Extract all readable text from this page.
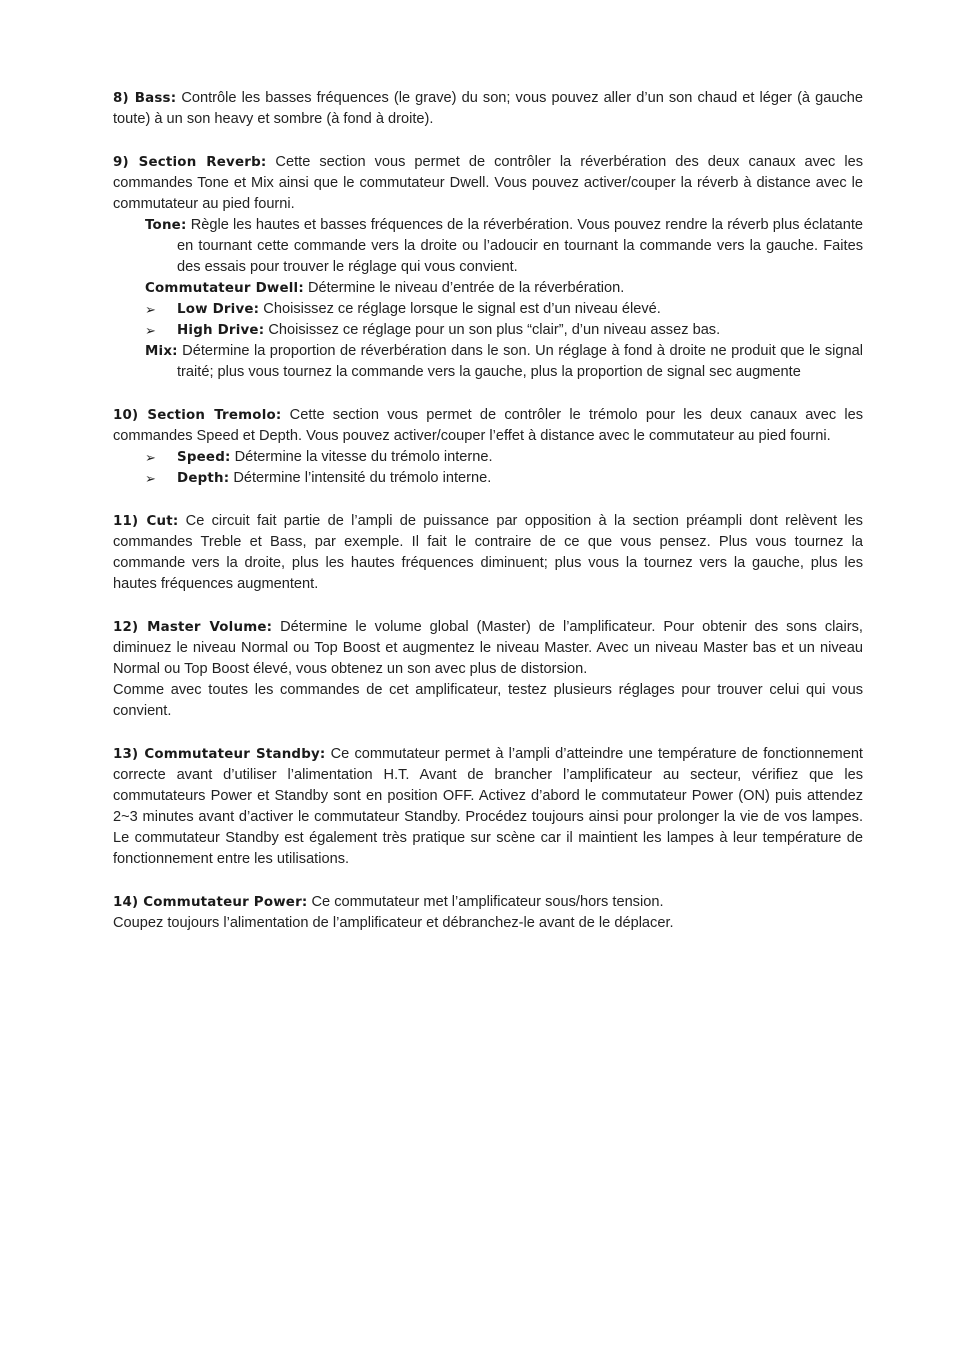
8) Bass: Contrôle les basses fréquences (le grave) du son; vous pouvez aller d’un son chaud et léger (à gauche toute) à un son heavy et sombre (à fond à droite).

9) Section Reverb: Cette section vous permet de contrôler la réverbération des deux canaux avec les commandes Tone et Mix ainsi que le commutateur Dwell. Vous pouvez activer/couper la réverb à distance avec le commutateur au pied fourni.

Tone: Règle les hautes et basses fréquences de la réverbération. Vous pouvez rendre la réverb plus éclatante en tournant cette commande vers la droite ou l’adoucir en tournant la commande vers la gauche. Faites des essais pour trouver le réglage qui vous convient.

Commutateur Dwell: Détermine le niveau d’entrée de la réverbération.

➢ Low Drive: Choisissez ce réglage lorsque le signal est d’un niveau élevé.

➢ High Drive: Choisissez ce réglage pour un son plus “clair”, d’un niveau assez bas.

Mix: Détermine la proportion de réverbération dans le son. Un réglage à fond à droite ne produit que le signal traité; plus vous tournez la commande vers la gauche, plus la proportion de signal sec augmente

10) Section Tremolo: Cette section vous permet de contrôler le trémolo pour les deux canaux avec les commandes Speed et Depth. Vous pouvez activer/couper l’effet à distance avec le commutateur au pied fourni.

➢ Speed: Détermine la vitesse du trémolo interne.

➢ Depth: Détermine l’intensité du trémolo interne.

11) Cut: Ce circuit fait partie de l’ampli de puissance par opposition à la section préampli dont relèvent les commandes Treble et Bass, par exemple. Il fait le contraire de ce que vous pensez. Plus vous tournez la commande vers la droite, plus les hautes fréquences diminuent; plus vous la tournez vers la gauche, plus les hautes fréquences augmentent.

12) Master Volume: Détermine le volume global (Master) de l’amplificateur. Pour obtenir des sons clairs, diminuez le niveau Normal ou Top Boost et augmentez le niveau Master. Avec un niveau Master bas et un niveau Normal ou Top Boost élevé, vous obtenez un son avec plus de distorsion.

Comme avec toutes les commandes de cet amplificateur, testez plusieurs réglages pour trouver celui qui vous convient.

13) Commutateur Standby: Ce commutateur permet à l’ampli d’atteindre une température de fonctionnement correcte avant d’utiliser l’alimentation H.T. Avant de brancher l’amplificateur au secteur, vérifiez que les commutateurs Power et Standby sont en position OFF. Activez d’abord le commutateur Power (ON) puis attendez 2~3 minutes avant d’activer le commutateur Standby. Procédez toujours ainsi pour prolonger la vie de vos lampes. Le commutateur Standby est également très pratique sur scène car il maintient les lampes à leur température de fonctionnement entre les utilisations.

14) Commutateur Power: Ce commutateur met l’amplificateur sous/hors tension.

Coupez toujours l’alimentation de l’amplificateur et débranchez-le avant de le déplacer.
